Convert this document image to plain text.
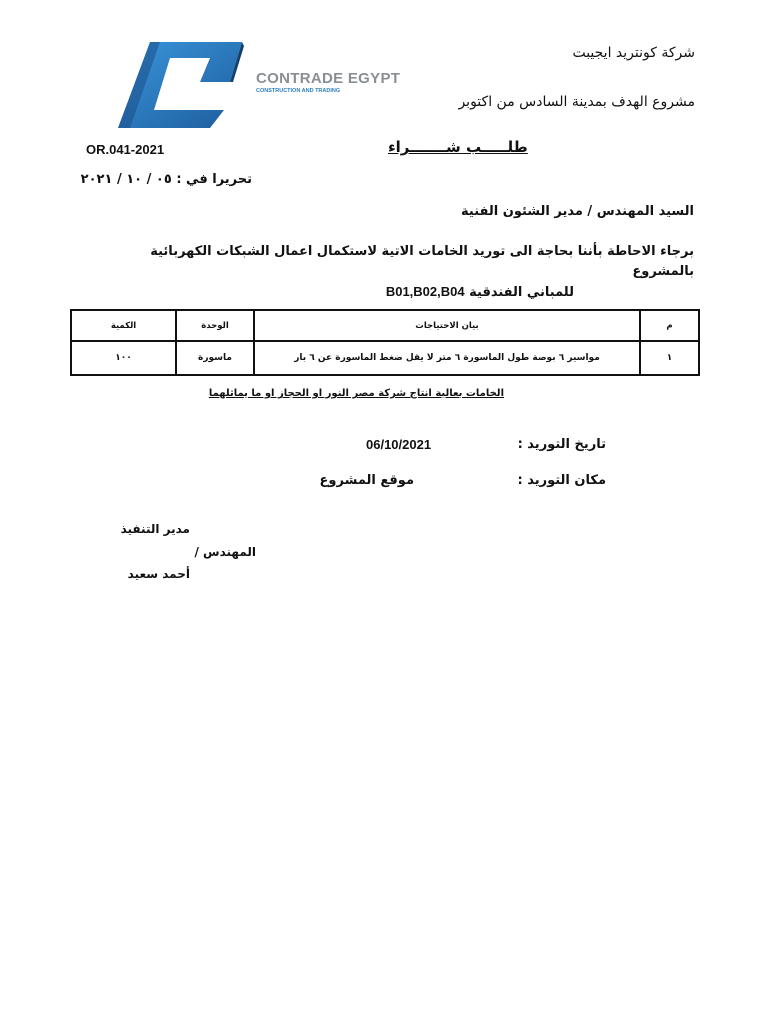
CONTRADE EGYPT
CONSTRUCTION AND TRADING
شركة كونتريد ايجيبت
مشروع الهدف بمدينة السادس من اكتوبر
OR.041-2021	طلـــــب شـــــــراء
تحريرا في : ٠٥ / ١٠ / ٢٠٢١
السيد المهندس / مدير الشئون الفنية
برجاء الاحاطة بأننا بحاجة الى توريد الخامات الاتية لاستكمال اعمال الشبكات الكهربائية بالمشروع
للمباني الفندقية B01,B02,B04
م	بيان الاحتياجات	الوحدة	الكمية
١	مواسير ٦ بوصة طول الماسورة ٦ متر لا يقل ضغط الماسورة عن ٦ بار	ماسورة	١٠٠
الخامات بعالية انتاج شركة مصر النور او الحجاز او ما يماثلهما
تاريخ التوريد :
06/10/2021
مكان التوريد :
موقع المشروع
مدير التنفيذ
المهندس /
أحمد سعيد
